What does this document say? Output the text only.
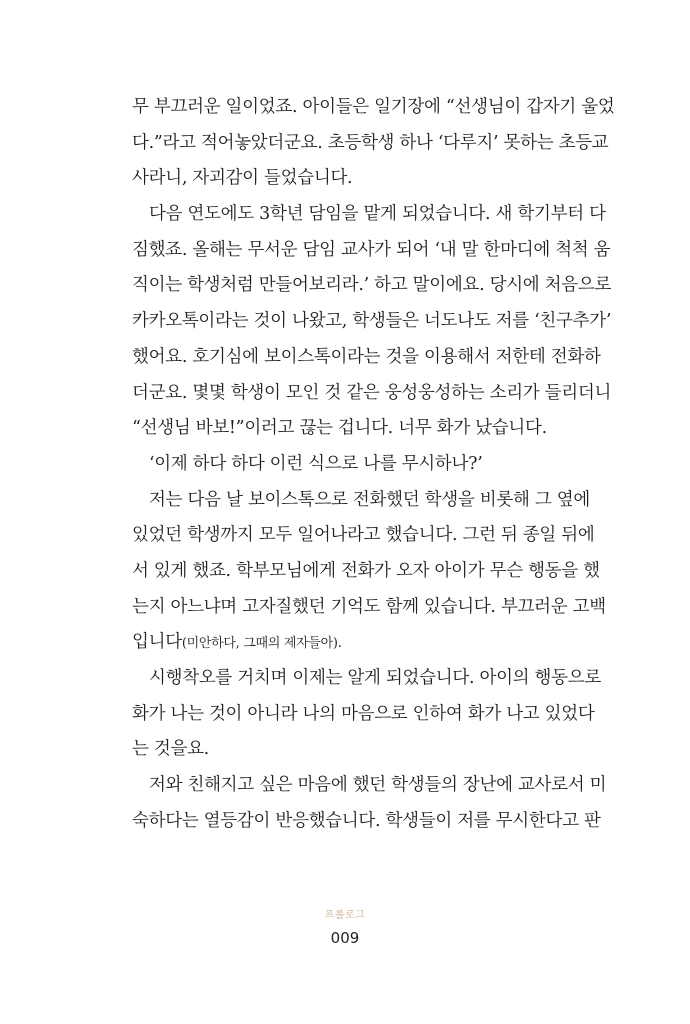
무 부끄러운 일이었죠. 아이들은 일기장에 “선생님이 갑자기 울었
다.”라고 적어놓았더군요. 초등학생 하나 ‘다루지’ 못하는 초등교
사라니, 자괴감이 들었습니다.
다음 연도에도 3학년 담임을 맡게 되었습니다. 새 학기부터 다
짐했죠. 올해는 무서운 담임 교사가 되어 ‘내 말 한마디에 척척 움
직이는 학생처럼 만들어보리라.’ 하고 말이에요. 당시에 처음으로
카카오톡이라는 것이 나왔고, 학생들은 너도나도 저를 ‘친구추가’
했어요. 호기심에 보이스톡이라는 것을 이용해서 저한테 전화하
더군요. 몇몇 학생이 모인 것 같은 웅성웅성하는 소리가 들리더니
“선생님 바보!”이러고 끊는 겁니다. 너무 화가 났습니다.
‘이제 하다 하다 이런 식으로 나를 무시하나?’
저는 다음 날 보이스톡으로 전화했던 학생을 비롯해 그 옆에
있었던 학생까지 모두 일어나라고 했습니다. 그런 뒤 종일 뒤에
서 있게 했죠. 학부모님에게 전화가 오자 아이가 무슨 행동을 했
는지 아느냐며 고자질했던 기억도 함께 있습니다. 부끄러운 고백
입니다(미안하다, 그때의 제자들아).
시행착오를 거치며 이제는 알게 되었습니다. 아이의 행동으로
화가 나는 것이 아니라 나의 마음으로 인하여 화가 나고 있었다
는 것을요.
저와 친해지고 싶은 마음에 했던 학생들의 장난에 교사로서 미
숙하다는 열등감이 반응했습니다. 학생들이 저를 무시한다고 판
프롤로그
009
